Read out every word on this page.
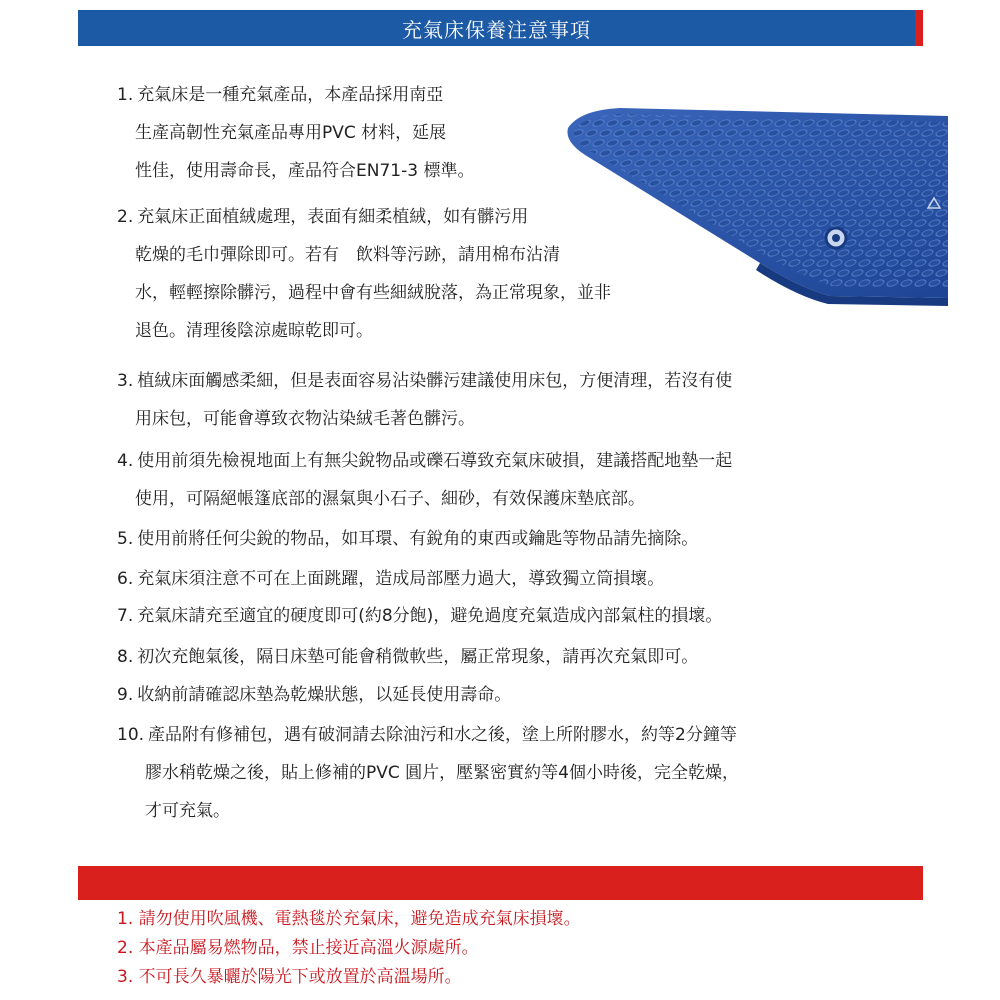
充氣床保養注意事項
1. 充氣床是一種充氣產品，本產品採用南亞
生產高韌性充氣產品專用PVC 材料，延展
性佳，使用壽命長，產品符合EN71-3 標準。
2. 充氣床正面植絨處理，表面有細柔植絨，如有髒污用
乾燥的毛巾彈除即可。若有　飲料等污跡，請用棉布沾清
水，輕輕擦除髒污，過程中會有些細絨脫落，為正常現象，並非
退色。清理後陰涼處晾乾即可。
3. 植絨床面觸感柔細，但是表面容易沾染髒污建議使用床包，方便清理，若沒有使
用床包，可能會導致衣物沾染絨毛著色髒污。
4. 使用前須先檢視地面上有無尖銳物品或礫石導致充氣床破損，建議搭配地墊一起
使用，可隔絕帳篷底部的濕氣與小石子、細砂，有效保護床墊底部。
5. 使用前將任何尖銳的物品，如耳環、有銳角的東西或鑰匙等物品請先摘除。
6. 充氣床須注意不可在上面跳躍，造成局部壓力過大，導致獨立筒損壞。
7. 充氣床請充至適宜的硬度即可(約8分飽)，避免過度充氣造成內部氣柱的損壞。
8. 初次充飽氣後，隔日床墊可能會稍微軟些，屬正常現象，請再次充氣即可。
9. 收納前請確認床墊為乾燥狀態，以延長使用壽命。
10. 產品附有修補包，遇有破洞請去除油污和水之後，塗上所附膠水，約等2分鐘等
膠水稍乾燥之後，貼上修補的PVC 圓片，壓緊密實約等4個小時後，完全乾燥，
才可充氣。
1. 請勿使用吹風機、電熱毯於充氣床，避免造成充氣床損壞。
2. 本產品屬易燃物品，禁止接近高溫火源處所。
3. 不可長久暴曬於陽光下或放置於高溫場所。
